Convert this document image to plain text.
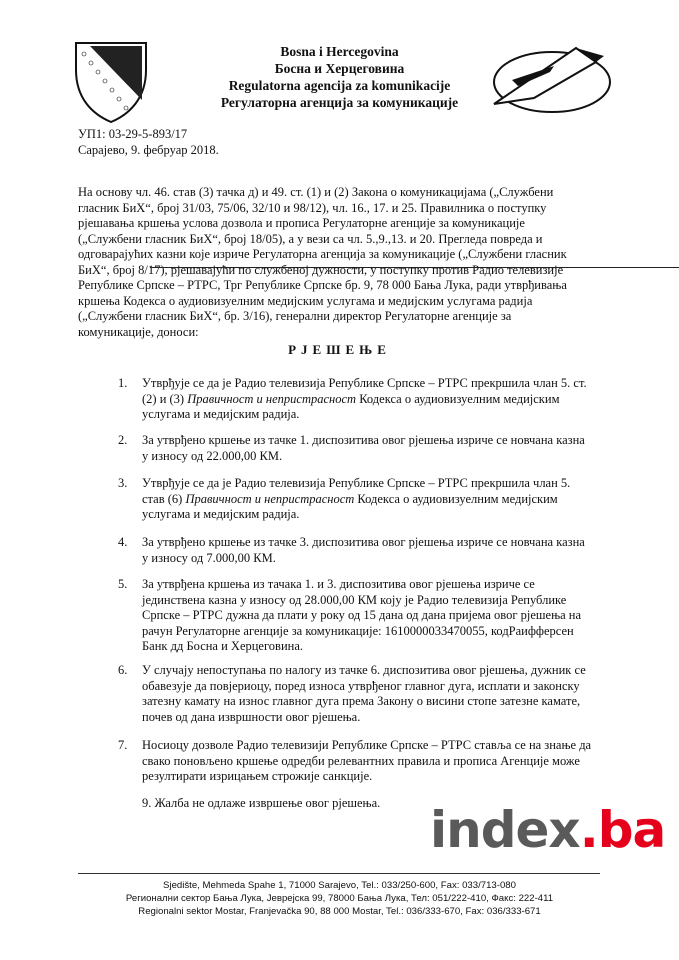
Bosna i Hercegovina
Босна и Херцеговина
Regulatorna agencija za komunikacije
Регулаторна агенција за комуникације
УП1: 03-29-5-893/17
Сарајево, 9. фебруар 2018.
На основу чл. 46. став (3) тачка д) и 49. ст. (1) и (2) Закона о комуникацијама („Службени
гласник БиХ“, број 31/03, 75/06, 32/10 и 98/12), чл. 16., 17. и 25. Правилника о поступку
рјешавања кршења услова дозвола и прописа Регулаторне агенције за комуникације
(„Службени гласник БиХ“, број 18/05), а у вези са чл. 5.,9.,13. и 20. Прегледа повреда и
одговарајућих казни које изриче Регулаторна агенција за комуникације („Службени гласник
БиХ“, број 8/17), рјешавајући по службеној дужности, у поступку против Радио телевизије
Републике Српске – РТРС, Трг Републике Српске бр. 9, 78 000 Бања Лука, ради утврђивања
кршења Кодекса о аудиовизуелним медијским услугама и медијским услугама радија
(„Службени гласник БиХ“, бр. 3/16), генерални директор Регулаторне агенције за
комуникације, доноси:
РЈЕШЕЊЕ
1. Утврђује се да је Радио телевизија Републике Српске – РТРС прекршила члан 5. ст.
(2) и (3) Правичност и непристрасност Кодекса о аудиовизуелним медијским
услугама и медијским радија.
2. За утврђено кршење из тачке 1. диспозитива овог рјешења изриче се новчана казна
у износу од 22.000,00 КМ.
3. Утврђује се да је Радио телевизија Републике Српске – РТРС прекршила члан 5.
став (6) Правичност и непристрасност Кодекса о аудиовизуелним медијским
услугама и медијским радија.
4. За утврђено кршење из тачке 3. диспозитива овог рјешења изриче се новчана казна
у износу од 7.000,00 КМ.
5. За утврђена кршења из тачака 1. и 3. диспозитива овог рјешења изриче се
јединствена казна у износу од 28.000,00 КМ коју је Радио телевизија Републике
Српске – РТРС дужна да плати у року од 15 дана од дана пријема овог рјешења на
рачун Регулаторне агенције за комуникације: 1610000033470055, кодРаифферсен
Банк дд Босна и Херцеговина.
6. У случају непоступања по налогу из тачке 6. диспозитива овог рјешења, дужник се
обавезује да повјериоцу, поред износа утврђеног главног дуга, исплати и законску
затезну камату на износ главног дуга према Закону о висини стопе затезне камате,
почев од дана извршности овог рјешења.
7. Носиоцу дозволе Радио телевизији Републике Српске – РТРС ставља се на знање да
свако поновљено кршење одредби релевантних правила и прописа Агенције може
резултирати изрицањем строжије санкције.
9. Жалба не одлаже извршење овог рјешења. index.ba
Sjedište, Mehmeda Spahe 1, 71000 Sarajevo, Tel.: 033/250-600, Fax: 033/713-080
Регионални сектор Бања Лука, Јеврејска 99, 78000 Бања Лука, Тел: 051/222-410, Факс: 222-411
Regionalni sektor Mostar, Franjevačka 90, 88 000 Mostar, Tel.: 036/333-670, Fax: 036/333-671
